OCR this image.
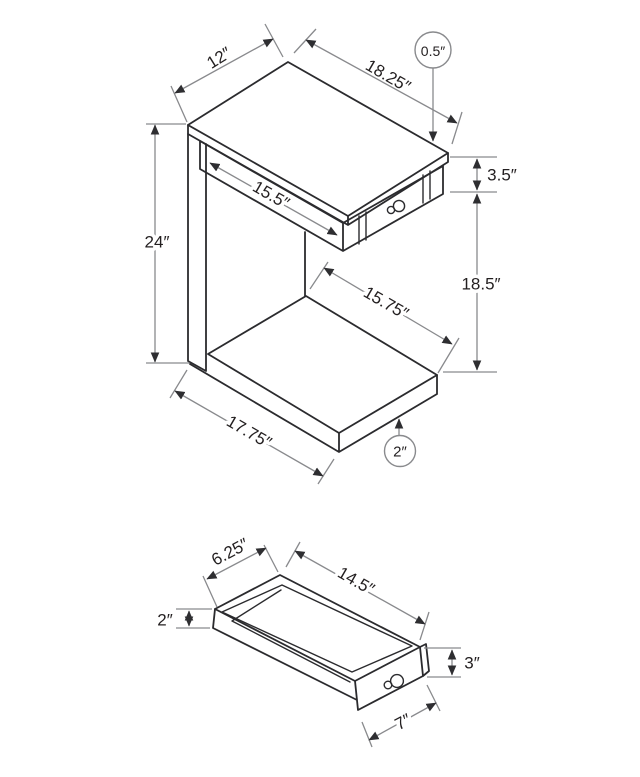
12″	18.25″
0.5″
15.5″
3.5″
24″
18.5″
15.75″
17.75″	2″
6.25″
14.5″
2″
3″
7″
